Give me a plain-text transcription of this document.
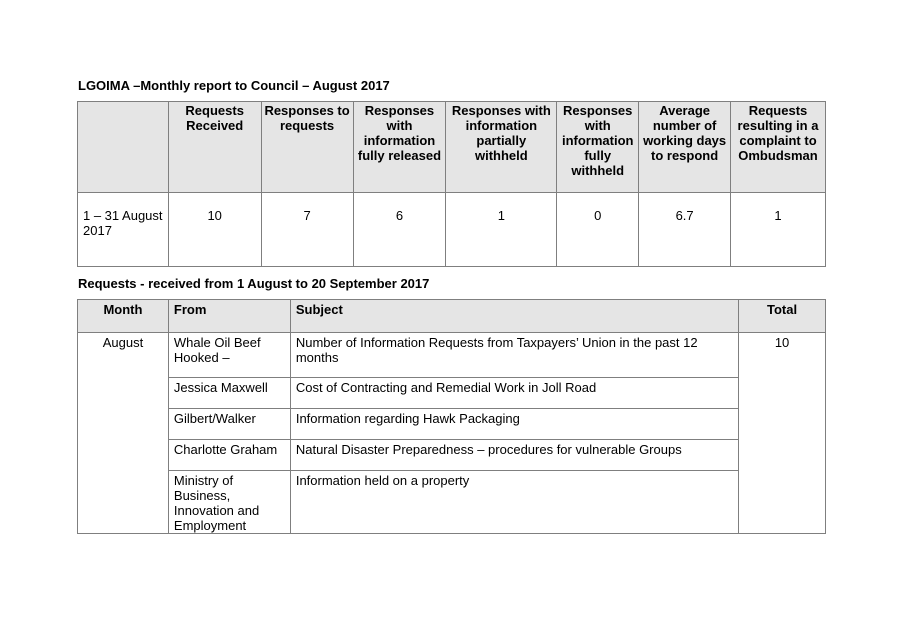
LGOIMA –Monthly report to Council – August 2017
	Requests Received	Responses to requests	Responses with information fully released	Responses with information partially withheld	Responses with information fully withheld	Average number of working days to respond	Requests resulting in a complaint to Ombudsman
1 – 31 August 2017	10	7	6	1	0	6.7	1
Requests - received from 1 August to 20 September 2017
Month	From	Subject	Total
August	Whale Oil Beef Hooked –	Number of Information Requests from Taxpayers’ Union in the past 12 months	10
	Jessica Maxwell	Cost of Contracting and Remedial Work in Joll Road	
	Gilbert/Walker	Information regarding Hawk Packaging	
	Charlotte Graham	Natural Disaster Preparedness – procedures for vulnerable Groups	
	Ministry of Business, Innovation and Employment	Information held on a property	
